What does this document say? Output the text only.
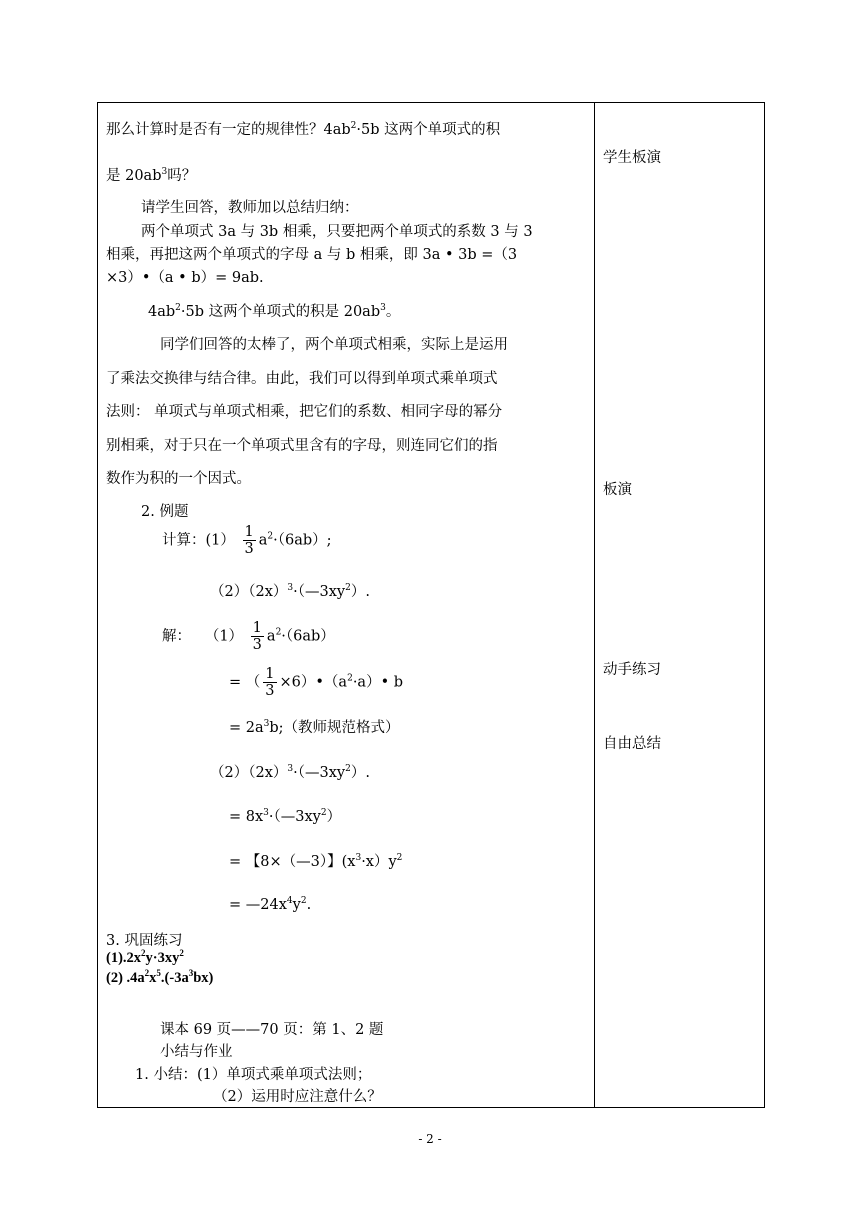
那么计算时是否有一定的规律性？$4ab^2\cdot 5b$ 这两个单项式的积
是 $20ab^3$吗？
请学生回答，教师加以总结归纳：
两个单项式 3a 与 3b 相乘，只要把两个单项式的系数 3 与 3
相乘，再把这两个单项式的字母 a 与 b 相乘，即 3a • 3b =（3
×3）•（a • b）= 9ab.
$4ab^2\cdot 5b$ 这两个单项式的积是 $20ab^3$。
同学们回答的太棒了，两个单项式相乘，实际上是运用
了乘法交换律与结合律。由此，我们可以得到单项式乘单项式
法则： 单项式与单项式相乘，把它们的系数、相同字母的幂分
别相乘，对于只在一个单项式里含有的字母，则连同它们的指
数作为积的一个因式。
2. 例题
计算：$(1) \frac{1}{3} a^2\cdot(6ab)$;
$(2)(2x)^3\cdot(—3xy^2)$.
解： $(1) \frac{1}{3} a^2\cdot(6ab)$
= （ $\frac{1}{3}$ $\times 6)•(a^2\cdot a)•$ b
= $2a^3b$;（教师规范格式）
$(2)(2x)^3\cdot(—3xy^2)$.
= $8x^3\cdot(—3xy^2)$
= 【8×（—3）】$(x^3\cdot x)y^2$
= $—24x^4y^2$.
3. 巩固练习
$(1).2x^2y\cdot 3xy^2$
(2) $.4a^2x^5.(-3a^3bx)$
课本 69 页——70 页：第 1、2 题
小结与作业
1. 小结：(1）单项式乘单项式法则；
（2）运用时应注意什么？
学生板演
板演
动手练习
自由总结
- 2 -
